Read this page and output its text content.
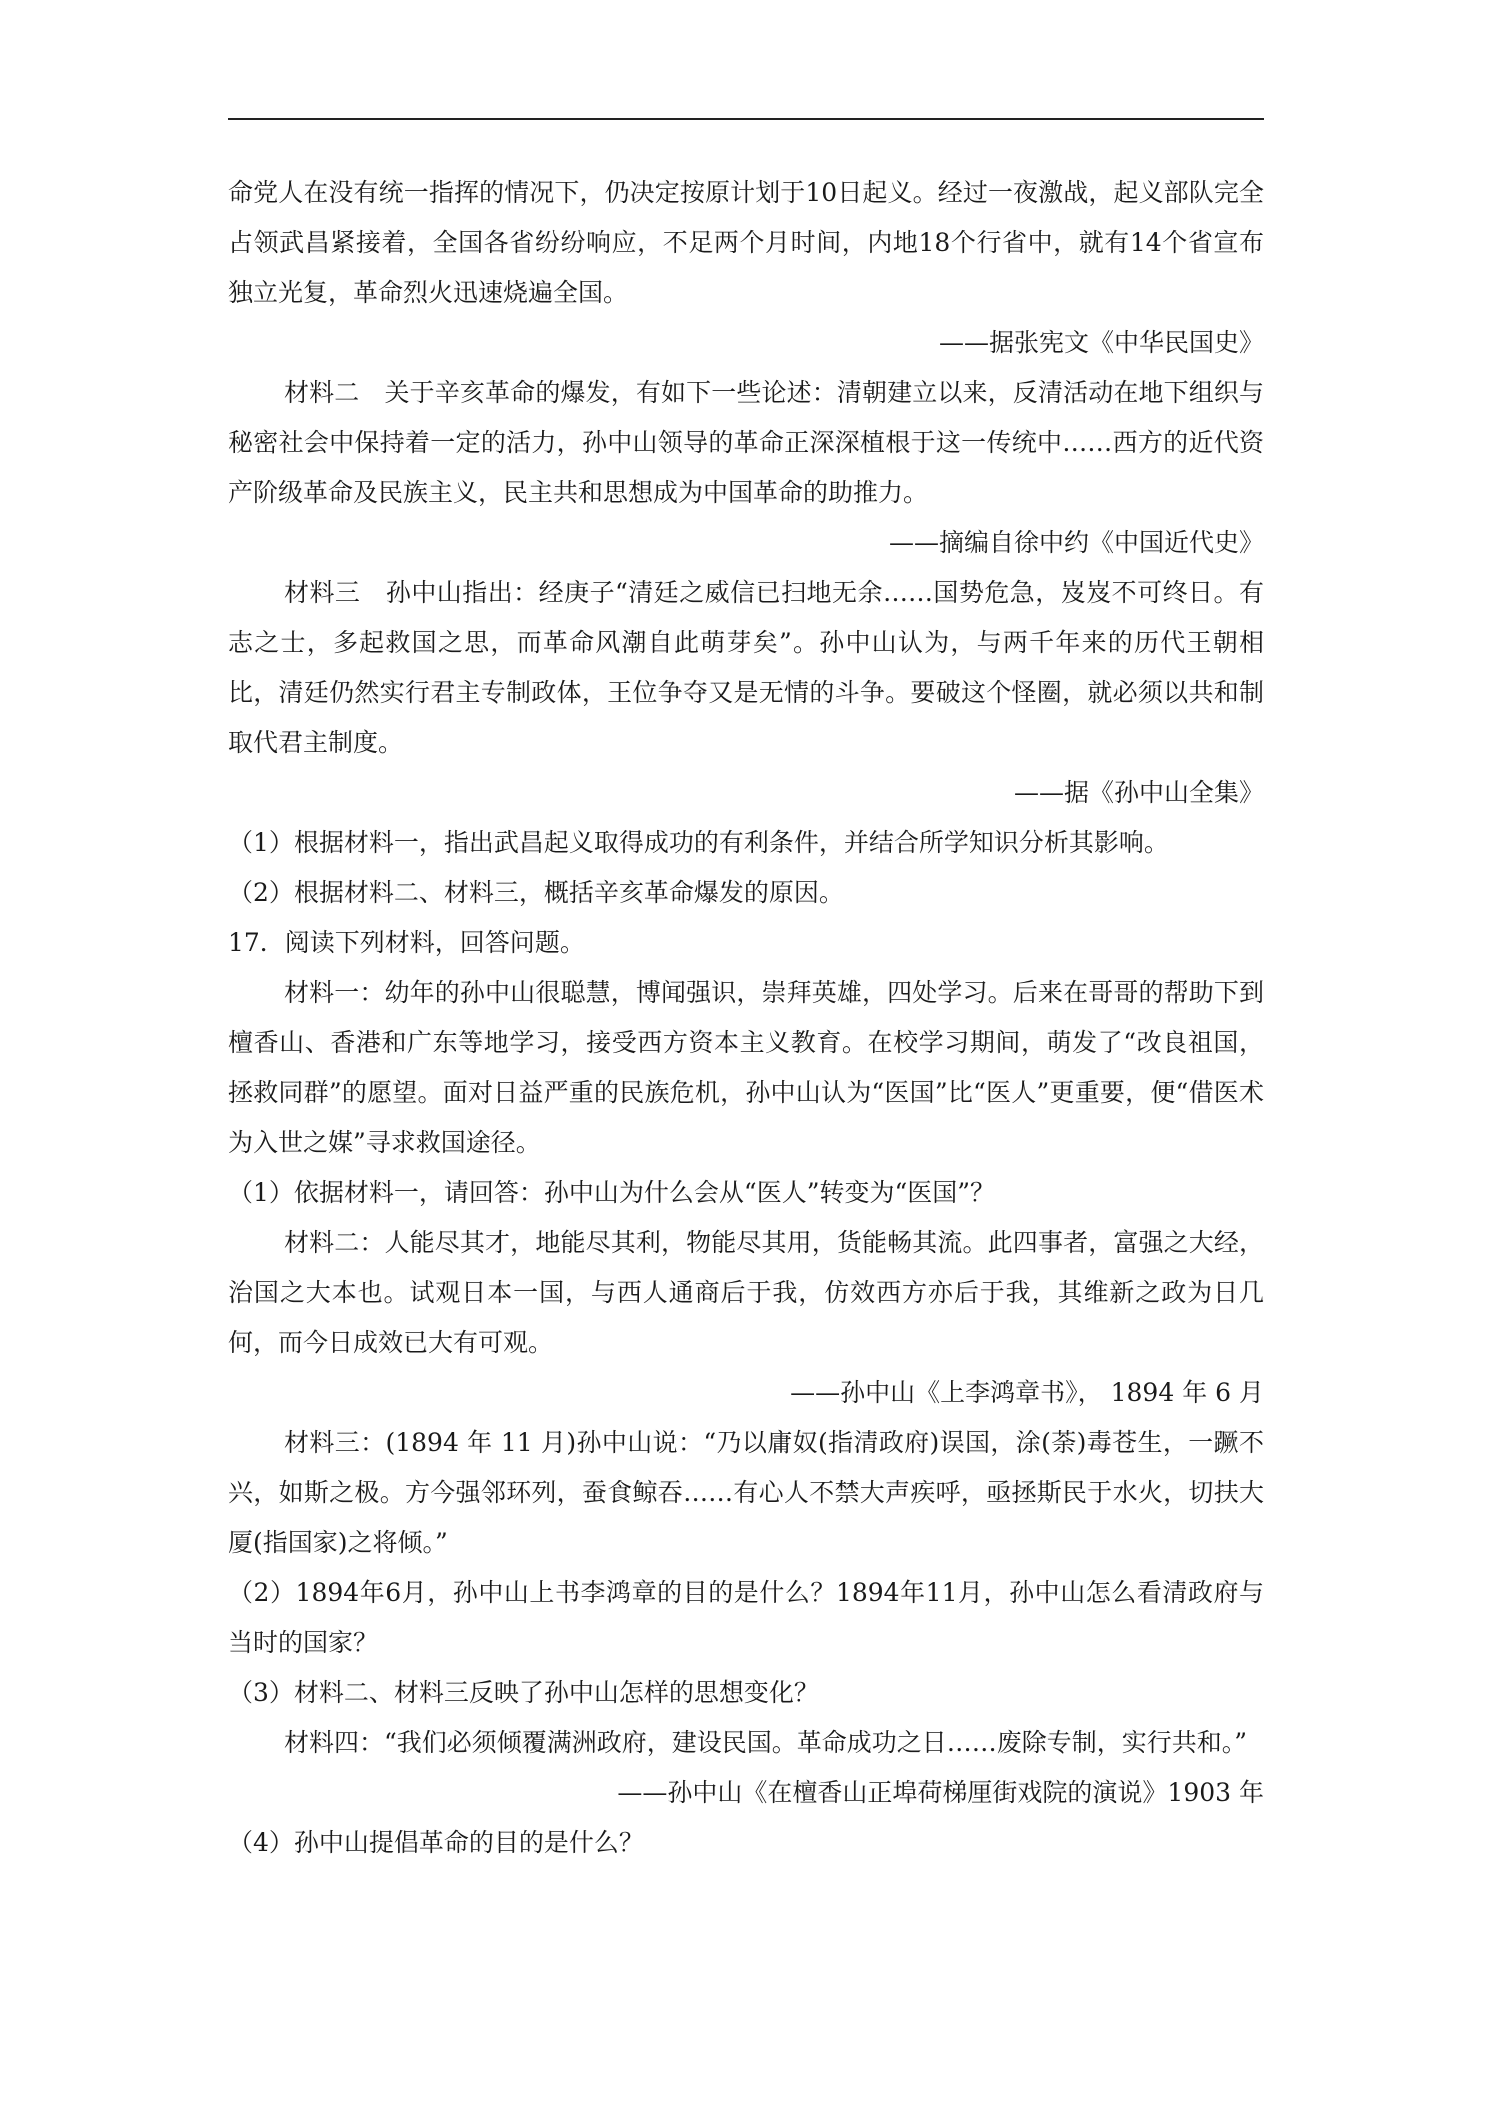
命党人在没有统一指挥的情况下，仍决定按原计划于10日起义。经过一夜激战，起义部队完全占领武昌紧接着，全国各省纷纷响应，不足两个月时间，内地18个行省中，就有14个省宣布独立光复，革命烈火迅速烧遍全国。

——据张宪文《中华民国史》

材料二　关于辛亥革命的爆发，有如下一些论述：清朝建立以来，反清活动在地下组织与秘密社会中保持着一定的活力，孙中山领导的革命正深深植根于这一传统中……西方的近代资产阶级革命及民族主义，民主共和思想成为中国革命的助推力。

——摘编自徐中约《中国近代史》

材料三　孙中山指出：经庚子“清廷之威信已扫地无余……国势危急，岌岌不可终日。有志之士，多起救国之思，而革命风潮自此萌芽矣”。孙中山认为，与两千年来的历代王朝相比，清廷仍然实行君主专制政体，王位争夺又是无情的斗争。要破这个怪圈，就必须以共和制取代君主制度。

——据《孙中山全集》

（1）根据材料一，指出武昌起义取得成功的有利条件，并结合所学知识分析其影响。

（2）根据材料二、材料三，概括辛亥革命爆发的原因。

17．阅读下列材料，回答问题。

材料一：幼年的孙中山很聪慧，博闻强识，崇拜英雄，四处学习。后来在哥哥的帮助下到檀香山、香港和广东等地学习，接受西方资本主义教育。在校学习期间，萌发了“改良祖国，拯救同群”的愿望。面对日益严重的民族危机，孙中山认为“医国”比“医人”更重要，便“借医术为入世之媒”寻求救国途径。

（1）依据材料一，请回答：孙中山为什么会从“医人”转变为“医国”？

材料二：人能尽其才，地能尽其利，物能尽其用，货能畅其流。此四事者，富强之大经，治国之大本也。试观日本一国，与西人通商后于我，仿效西方亦后于我，其维新之政为日几何，而今日成效已大有可观。

——孙中山《上李鸿章书》， 1894 年 6 月

材料三：(1894 年 11 月)孙中山说：“乃以庸奴(指清政府)误国，涂(荼)毒苍生，一蹶不兴，如斯之极。方今强邻环列，蚕食鲸吞……有心人不禁大声疾呼，亟拯斯民于水火，切扶大厦(指国家)之将倾。”

（2）1894年6月，孙中山上书李鸿章的目的是什么？1894年11月，孙中山怎么看清政府与当时的国家？

（3）材料二、材料三反映了孙中山怎样的思想变化？

材料四：“我们必须倾覆满洲政府，建设民国。革命成功之日……废除专制，实行共和。”

——孙中山《在檀香山正埠荷梯厘街戏院的演说》1903 年

（4）孙中山提倡革命的目的是什么？
